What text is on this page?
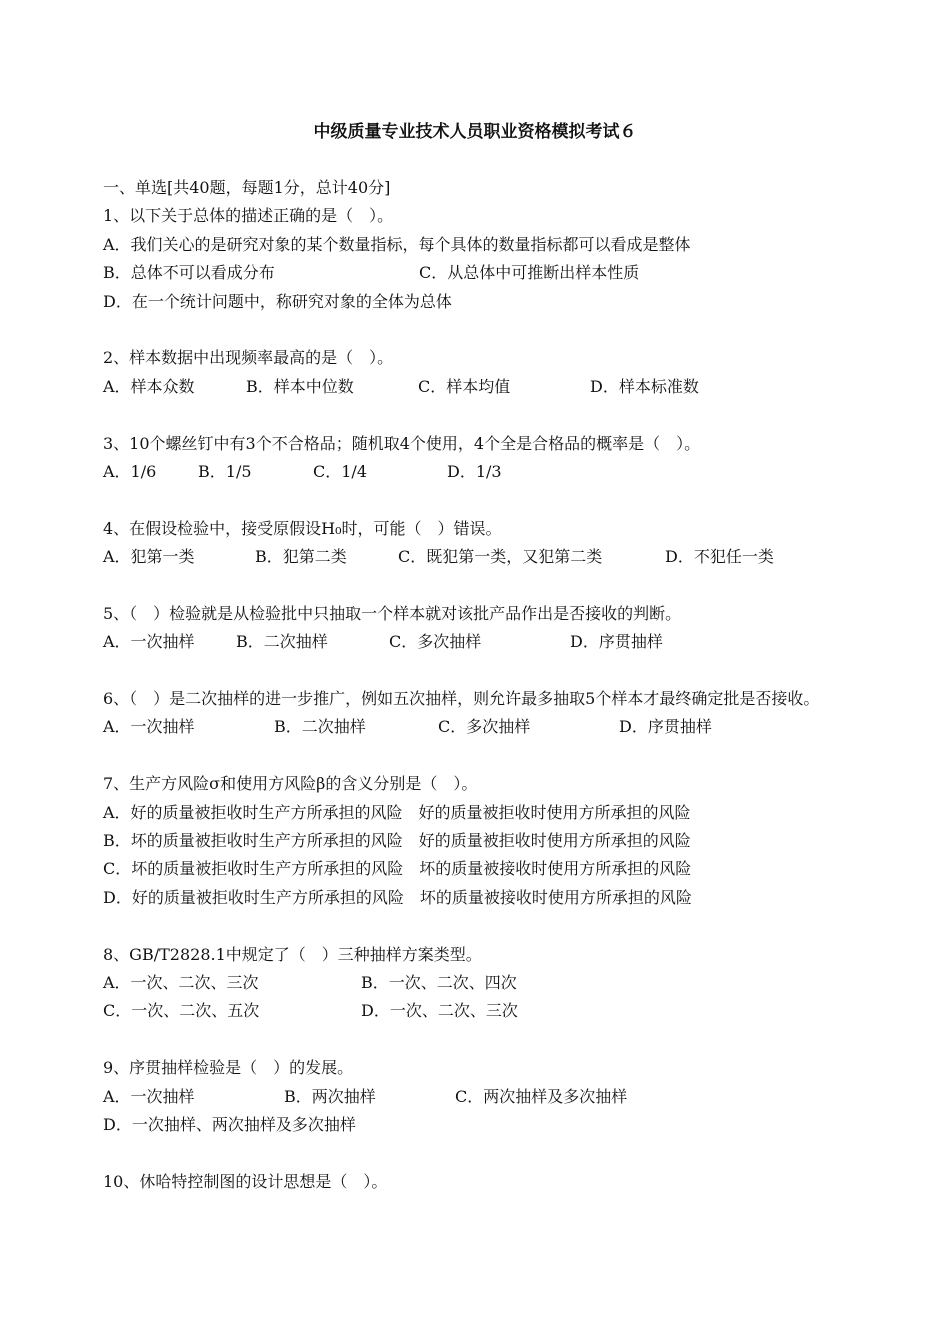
中级质量专业技术人员职业资格模拟考试６
一、单选[共40题，每题1分，总计40分]
1、以下关于总体的描述正确的是（　）。
A．我们关心的是研究对象的某个数量指标，每个具体的数量指标都可以看成是整体
B．总体不可以看成分布	C．从总体中可推断出样本性质
D．在一个统计问题中，称研究对象的全体为总体
2、样本数据中出现频率最高的是（　）。
A．样本众数	B．样本中位数	C．样本均值	D．样本标准数
3、10个螺丝钉中有3个不合格品；随机取4个使用，4个全是合格品的概率是（　）。
A．1/6	B．1/5	C．1/4	D．1/3
4、在假设检验中，接受原假设H₀时，可能（　）错误。
A．犯第一类	B．犯第二类	C．既犯第一类，又犯第二类	D．不犯任一类
5、（　）检验就是从检验批中只抽取一个样本就对该批产品作出是否接收的判断。
A．一次抽样	B．二次抽样	C．多次抽样	D．序贯抽样
6、（　）是二次抽样的进一步推广，例如五次抽样，则允许最多抽取5个样本才最终确定批是否接收。
A．一次抽样	B．二次抽样	C．多次抽样	D．序贯抽样
7、生产方风险σ和使用方风险β的含义分别是（　）。
A．好的质量被拒收时生产方所承担的风险　好的质量被拒收时使用方所承担的风险
B．坏的质量被拒收时生产方所承担的风险　好的质量被拒收时使用方所承担的风险
C．坏的质量被拒收时生产方所承担的风险　坏的质量被接收时使用方所承担的风险
D．好的质量被拒收时生产方所承担的风险　坏的质量被接收时使用方所承担的风险
8、GB/T2828.1中规定了（　）三种抽样方案类型。
A．一次、二次、三次	B．一次、二次、四次
C．一次、二次、五次	D．一次、二次、三次
9、序贯抽样检验是（　）的发展。
A．一次抽样	B．两次抽样	C．两次抽样及多次抽样
D．一次抽样、两次抽样及多次抽样
10、休哈特控制图的设计思想是（　）。
